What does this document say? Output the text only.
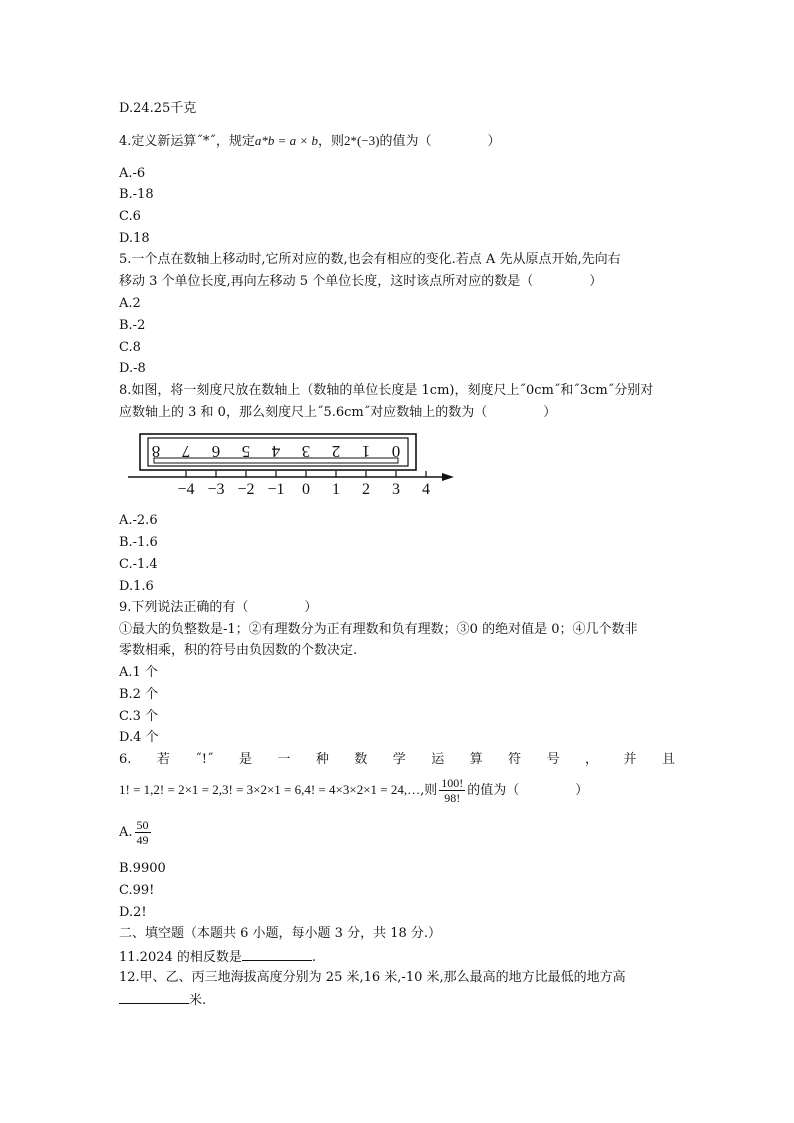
D.24.25千克
4.定义新运算˝*˝，规定a*b = a × b，则2*(−3)的值为（	）
A.-6
B.-18
C.6
D.18
5.一个点在数轴上移动时,它所对应的数,也会有相应的变化.若点 A 先从原点开始,先向右
移动 3 个单位长度,再向左移动 5 个单位长度，这时该点所对应的数是（	）
A.2
B.-2
C.8
D.-8
8.如图，将一刻度尺放在数轴上（数轴的单位长度是 1cm)，刻度尺上˝0cm˝和˝3cm˝分别对
应数轴上的 3 和 0，那么刻度尺上˝5.6cm˝对应数轴上的数为（	）
8 7 6 5 4 3 2 1 0
−4 −3 −2 −1 0 1 2 3 4
A.-2.6
B.-1.6
C.-1.4
D.1.6
9.下列说法正确的有（	）
①最大的负整数是-1；②有理数分为正有理数和负有理数；③0 的绝对值是 0；④几个数非
零数相乘，积的符号由负因数的个数决定.
A.1 个
B.2 个
C.3 个
D.4 个
6. 若 ˝!˝ 是 一 种 数 学 运 算 符 号 ， 并 且
1! = 1,2! = 2×1 = 2,3! = 3×2×1 = 6,4! = 4×3×2×1 = 24,…,则 $\frac{100!}{98!}$ 的值为（	）
A. $\frac{50}{49}$
B.9900
C.99!
D.2!
二、填空题（本题共 6 小题，每小题 3 分，共 18 分.）
11.2024 的相反数是	.
12.甲、乙、丙三地海拔高度分别为 25 米,16 米,-10 米,那么最高的地方比最低的地方高
米.
